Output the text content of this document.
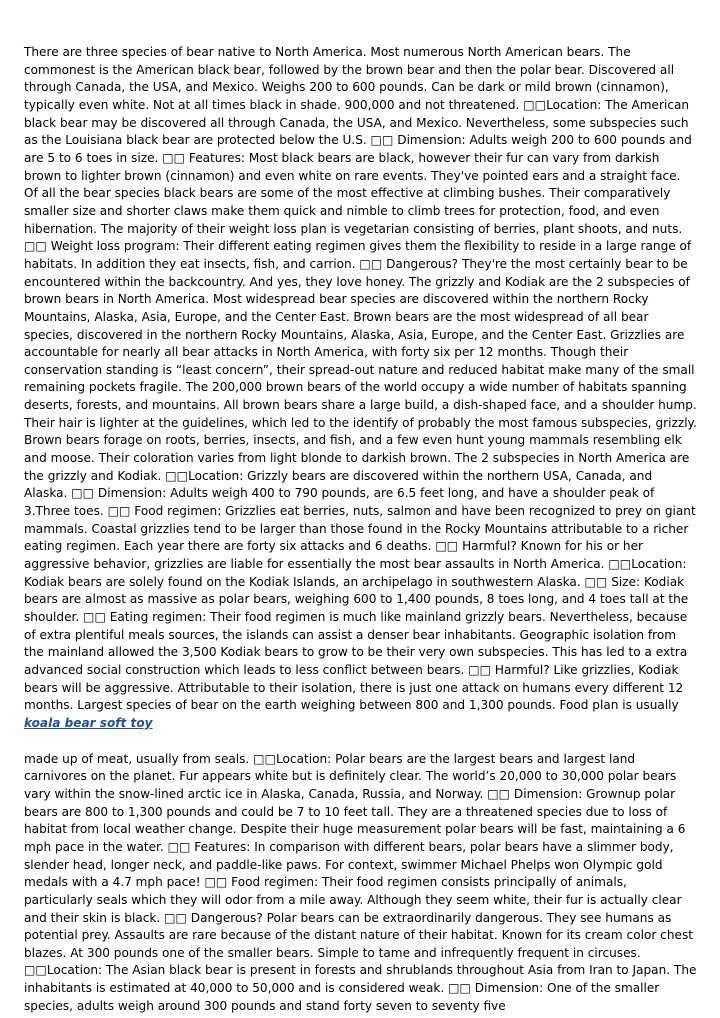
There are three species of bear native to North America. Most numerous North American bears. The commonest is the American black bear, followed by the brown bear and then the polar bear. Discovered all through Canada, the USA, and Mexico. Weighs 200 to 600 pounds. Can be dark or mild brown (cinnamon), typically even white. Not at all times black in shade. 900,000 and not threatened. □□Location: The American black bear may be discovered all through Canada, the USA, and Mexico. Nevertheless, some subspecies such as the Louisiana black bear are protected below the U.S. □□ Dimension: Adults weigh 200 to 600 pounds and are 5 to 6 toes in size. □□ Features: Most black bears are black, however their fur can vary from darkish brown to lighter brown (cinnamon) and even white on rare events. They've pointed ears and a straight face. Of all the bear species black bears are some of the most effective at climbing bushes. Their comparatively smaller size and shorter claws make them quick and nimble to climb trees for protection, food, and even hibernation. The majority of their weight loss plan is vegetarian consisting of berries, plant shoots, and nuts. □□ Weight loss program: Their different eating regimen gives them the flexibility to reside in a large range of habitats. In addition they eat insects, fish, and carrion. □□ Dangerous? They're the most certainly bear to be encountered within the backcountry. And yes, they love honey. The grizzly and Kodiak are the 2 subspecies of brown bears in North America. Most widespread bear species are discovered within the northern Rocky Mountains, Alaska, Asia, Europe, and the Center East. Brown bears are the most widespread of all bear species, discovered in the northern Rocky Mountains, Alaska, Asia, Europe, and the Center East. Grizzlies are accountable for nearly all bear attacks in North America, with forty six per 12 months. Though their conservation standing is “least concern”, their spread-out nature and reduced habitat make many of the small remaining pockets fragile. The 200,000 brown bears of the world occupy a wide number of habitats spanning deserts, forests, and mountains. All brown bears share a large build, a dish-shaped face, and a shoulder hump. Their hair is lighter at the guidelines, which led to the identify of probably the most famous subspecies, grizzly. Brown bears forage on roots, berries, insects, and fish, and a few even hunt young mammals resembling elk and moose. Their coloration varies from light blonde to darkish brown. The 2 subspecies in North America are the grizzly and Kodiak. □□Location: Grizzly bears are discovered within the northern USA, Canada, and Alaska. □□ Dimension: Adults weigh 400 to 790 pounds, are 6.5 feet long, and have a shoulder peak of 3.Three toes. □□ Food regimen: Grizzlies eat berries, nuts, salmon and have been recognized to prey on giant mammals. Coastal grizzlies tend to be larger than those found in the Rocky Mountains attributable to a richer eating regimen. Each year there are forty six attacks and 6 deaths. □□ Harmful? Known for his or her aggressive behavior, grizzlies are liable for essentially the most bear assaults in North America. □□Location: Kodiak bears are solely found on the Kodiak Islands, an archipelago in southwestern Alaska. □□ Size: Kodiak bears are almost as massive as polar bears, weighing 600 to 1,400 pounds, 8 toes long, and 4 toes tall at the shoulder. □□ Eating regimen: Their food regimen is much like mainland grizzly bears. Nevertheless, because of extra plentiful meals sources, the islands can assist a denser bear inhabitants. Geographic isolation from the mainland allowed the 3,500 Kodiak bears to grow to be their very own subspecies. This has led to a extra advanced social construction which leads to less conflict between bears. □□ Harmful? Like grizzlies, Kodiak bears will be aggressive. Attributable to their isolation, there is just one attack on humans every different 12 months. Largest species of bear on the earth weighing between 800 and 1,300 pounds. Food plan is usually koala bear soft toy

made up of meat, usually from seals. □□Location: Polar bears are the largest bears and largest land carnivores on the planet. Fur appears white but is definitely clear. The world’s 20,000 to 30,000 polar bears vary within the snow-lined arctic ice in Alaska, Canada, Russia, and Norway. □□ Dimension: Grownup polar bears are 800 to 1,300 pounds and could be 7 to 10 feet tall. They are a threatened species due to loss of habitat from local weather change. Despite their huge measurement polar bears will be fast, maintaining a 6 mph pace in the water. □□ Features: In comparison with different bears, polar bears have a slimmer body, slender head, longer neck, and paddle-like paws. For context, swimmer Michael Phelps won Olympic gold medals with a 4.7 mph pace! □□ Food regimen: Their food regimen consists principally of animals, particularly seals which they will odor from a mile away. Although they seem white, their fur is actually clear and their skin is black. □□ Dangerous? Polar bears can be extraordinarily dangerous. They see humans as potential prey. Assaults are rare because of the distant nature of their habitat. Known for its cream color chest blazes. At 300 pounds one of the smaller bears. Simple to tame and infrequently frequent in circuses. □□Location: The Asian black bear is present in forests and shrublands throughout Asia from Iran to Japan. The inhabitants is estimated at 40,000 to 50,000 and is considered weak. □□ Dimension: One of the smaller species, adults weigh around 300 pounds and stand forty seven to seventy five
